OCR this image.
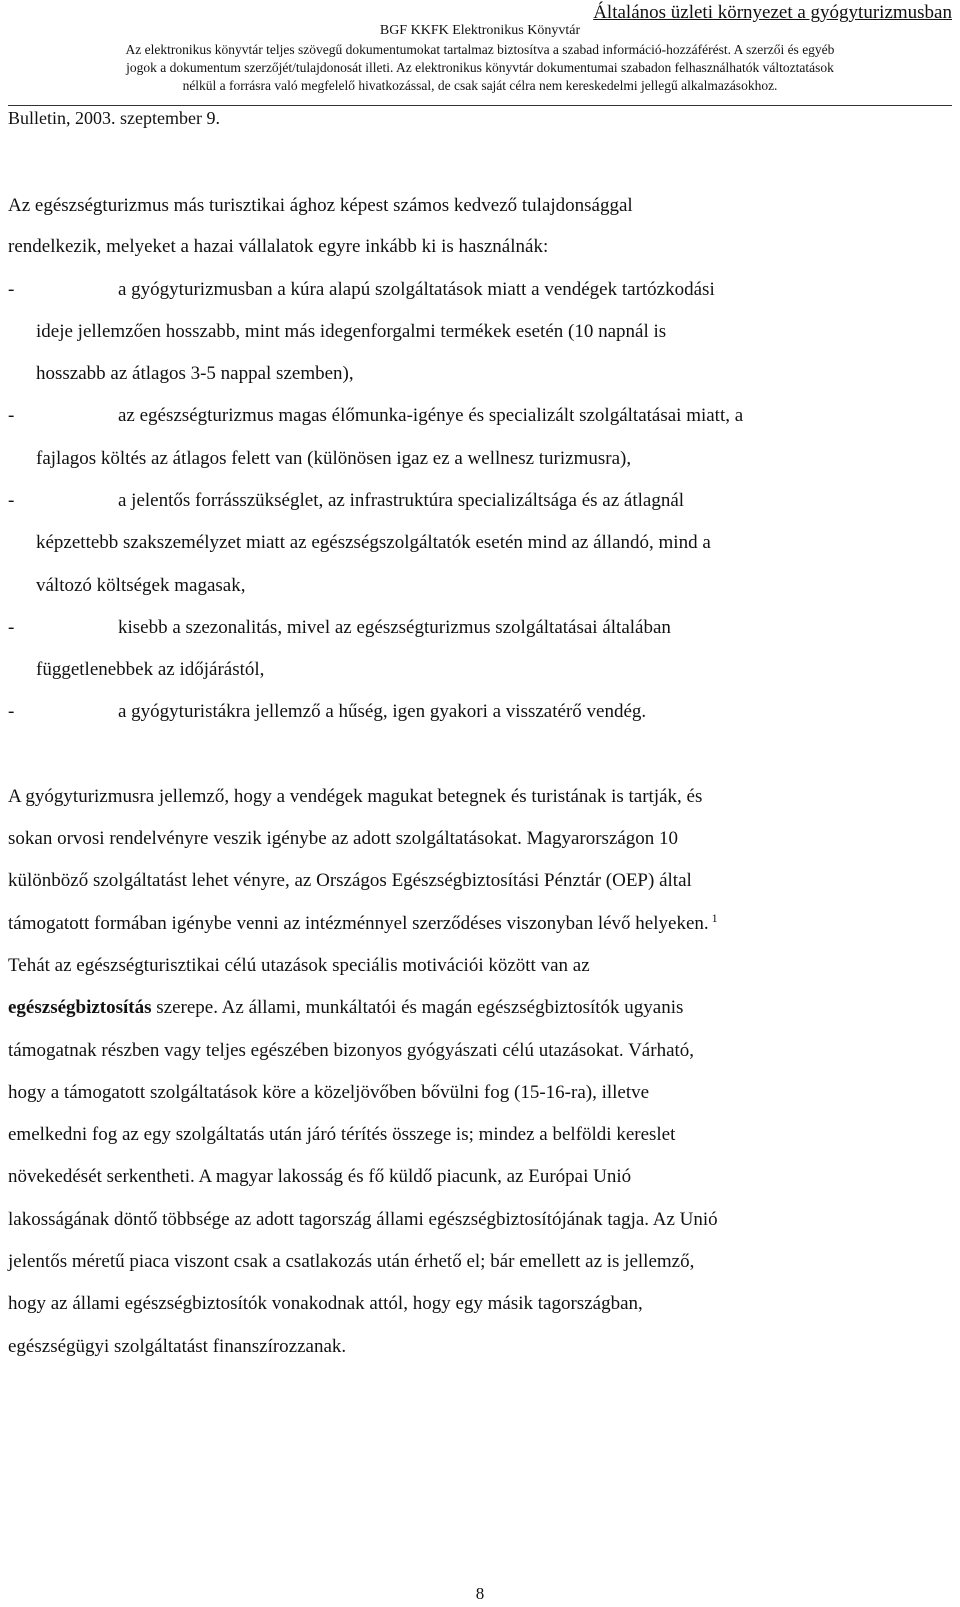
Általános üzleti környezet a gyógyturizmusban
BGF KKFK Elektronikus Könyvtár
Az elektronikus könyvtár teljes szövegű dokumentumokat tartalmaz biztosítva a szabad információ-hozzáférést. A szerzői és egyéb
jogok a dokumentum szerzőjét/tulajdonosát illeti. Az elektronikus könyvtár dokumentumai szabadon felhasználhatók változtatások
nélkül a forrásra való megfelelő hivatkozással, de csak saját célra nem kereskedelmi jellegű alkalmazásokhoz.
Bulletin, 2003. szeptember 9.
Az egészségturizmus más turisztikai ághoz képest számos kedvező tulajdonsággal
rendelkezik, melyeket a hazai vállalatok egyre inkább ki is használnák:
-	a gyógyturizmusban a kúra alapú szolgáltatások miatt a vendégek tartózkodási
ideje jellemzően hosszabb, mint más idegenforgalmi termékek esetén (10 napnál is
hosszabb az átlagos 3-5 nappal szemben),
-	az egészségturizmus magas élőmunka-igénye és specializált szolgáltatásai miatt, a
fajlagos költés az átlagos felett van (különösen igaz ez a wellnesz turizmusra),
-	a jelentős forrásszükséglet, az infrastruktúra specializáltsága és az átlagnál
képzettebb szakszemélyzet miatt az egészségszolgáltatók esetén mind az állandó, mind a
változó költségek magasak,
-	kisebb a szezonalitás, mivel az egészségturizmus szolgáltatásai általában
függetlenebbek az időjárástól,
-	a gyógyturistákra jellemző a hűség, igen gyakori a visszatérő vendég.
A gyógyturizmusra jellemző, hogy a vendégek magukat betegnek és turistának is tartják, és
sokan orvosi rendelvényre veszik igénybe az adott szolgáltatásokat. Magyarországon 10
különböző szolgáltatást lehet vényre, az Országos Egészségbiztosítási Pénztár (OEP) által
támogatott formában igénybe venni az intézménnyel szerződéses viszonyban lévő helyeken. $^1$
Tehát az egészségturisztikai célú utazások speciális motivációi között van az
egészségbiztosítás szerepe. Az állami, munkáltatói és magán egészségbiztosítók ugyanis
támogatnak részben vagy teljes egészében bizonyos gyógyászati célú utazásokat. Várható,
hogy a támogatott szolgáltatások köre a közeljövőben bővülni fog (15-16-ra), illetve
emelkedni fog az egy szolgáltatás után járó térítés összege is; mindez a belföldi kereslet
növekedését serkentheti. A magyar lakosság és fő küldő piacunk, az Európai Unió
lakosságának döntő többsége az adott tagország állami egészségbiztosítójának tagja. Az Unió
jelentős méretű piaca viszont csak a csatlakozás után érhető el; bár emellett az is jellemző,
hogy az állami egészségbiztosítók vonakodnak attól, hogy egy másik tagországban,
egészségügyi szolgáltatást finanszírozzanak.
8
